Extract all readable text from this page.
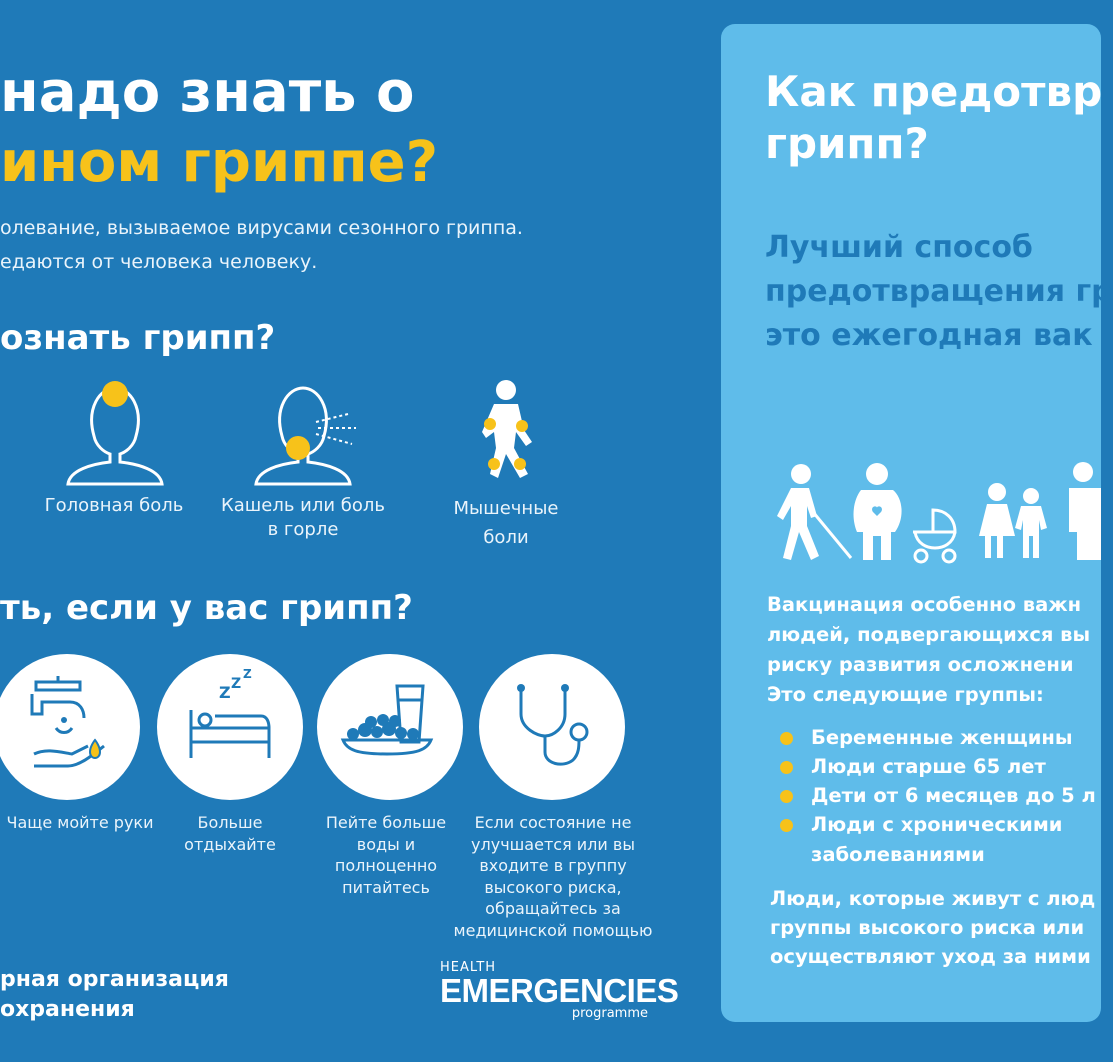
надо знать о
ином гриппе?
олевание, вызываемое вирусами сезонного гриппа.
едаются от человека человеку.
ознать грипп?
Головная боль	Кашель или боль
в горле
Мышечные
боли
ть, если у вас грипп?
Z Z
Z
Чаще мойте руки	Больше
отдыхайте
Пейте больше
воды и
полноценно
питайтесь
Если состояние не
улучшается или вы
входите в группу
высокого риска,
обращайтесь за
медицинской помощью
рная организация
охранения
HEALTH
EMERGENCIES
programme
Как предотвр
грипп?
Лучший способ
предотвращения гр
это ежегодная вак
Вакцинация особенно важн
людей, подвергающихся вы
риску развития осложнени
Это следующие группы:
Беременные женщины
Люди старше 65 лет
Дети от 6 месяцев до 5 л
Люди с хроническими
заболеваниями
Люди, которые живут с люд
группы высокого риска или
осуществляют уход за ними
